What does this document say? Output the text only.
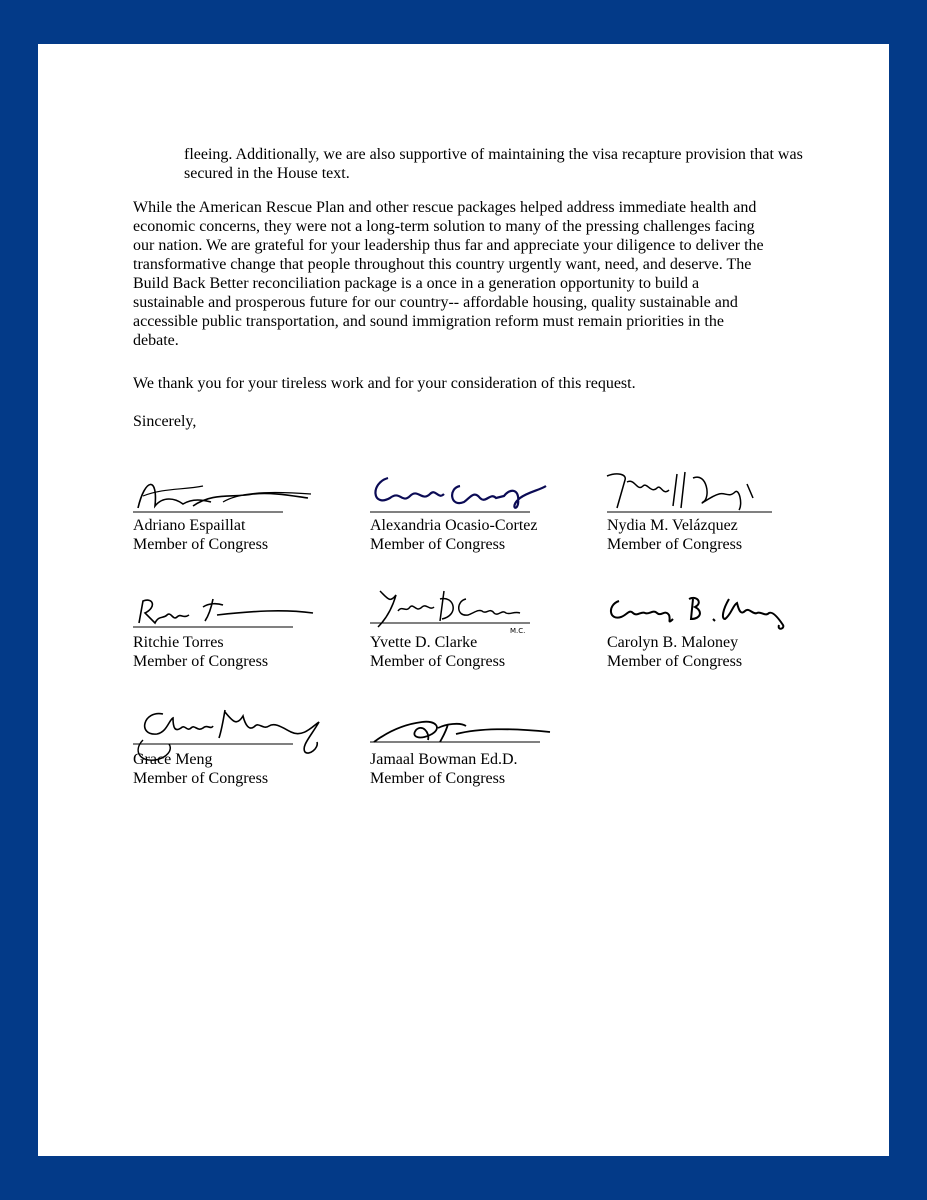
fleeing. Additionally, we are also supportive of maintaining the visa recapture provision that was secured in the House text.

While the American Rescue Plan and other rescue packages helped address immediate health and economic concerns, they were not a long-term solution to many of the pressing challenges facing our nation. We are grateful for your leadership thus far and appreciate your diligence to deliver the transformative change that people throughout this country urgently want, need, and deserve. The Build Back Better reconciliation package is a once in a generation opportunity to build a sustainable and prosperous future for our country-- affordable housing, quality sustainable and accessible public transportation, and sound immigration reform must remain priorities in the debate.

We thank you for your tireless work and for your consideration of this request.

Sincerely,

Adriano Espaillat
Member of Congress
Alexandria Ocasio-Cortez
Member of Congress
Nydia M. Velázquez
Member of Congress
Ritchie Torres
Member of Congress
M.C.
Yvette D. Clarke
Member of Congress
Carolyn B. Maloney
Member of Congress
Grace Meng
Member of Congress
Jamaal Bowman Ed.D.
Member of Congress
